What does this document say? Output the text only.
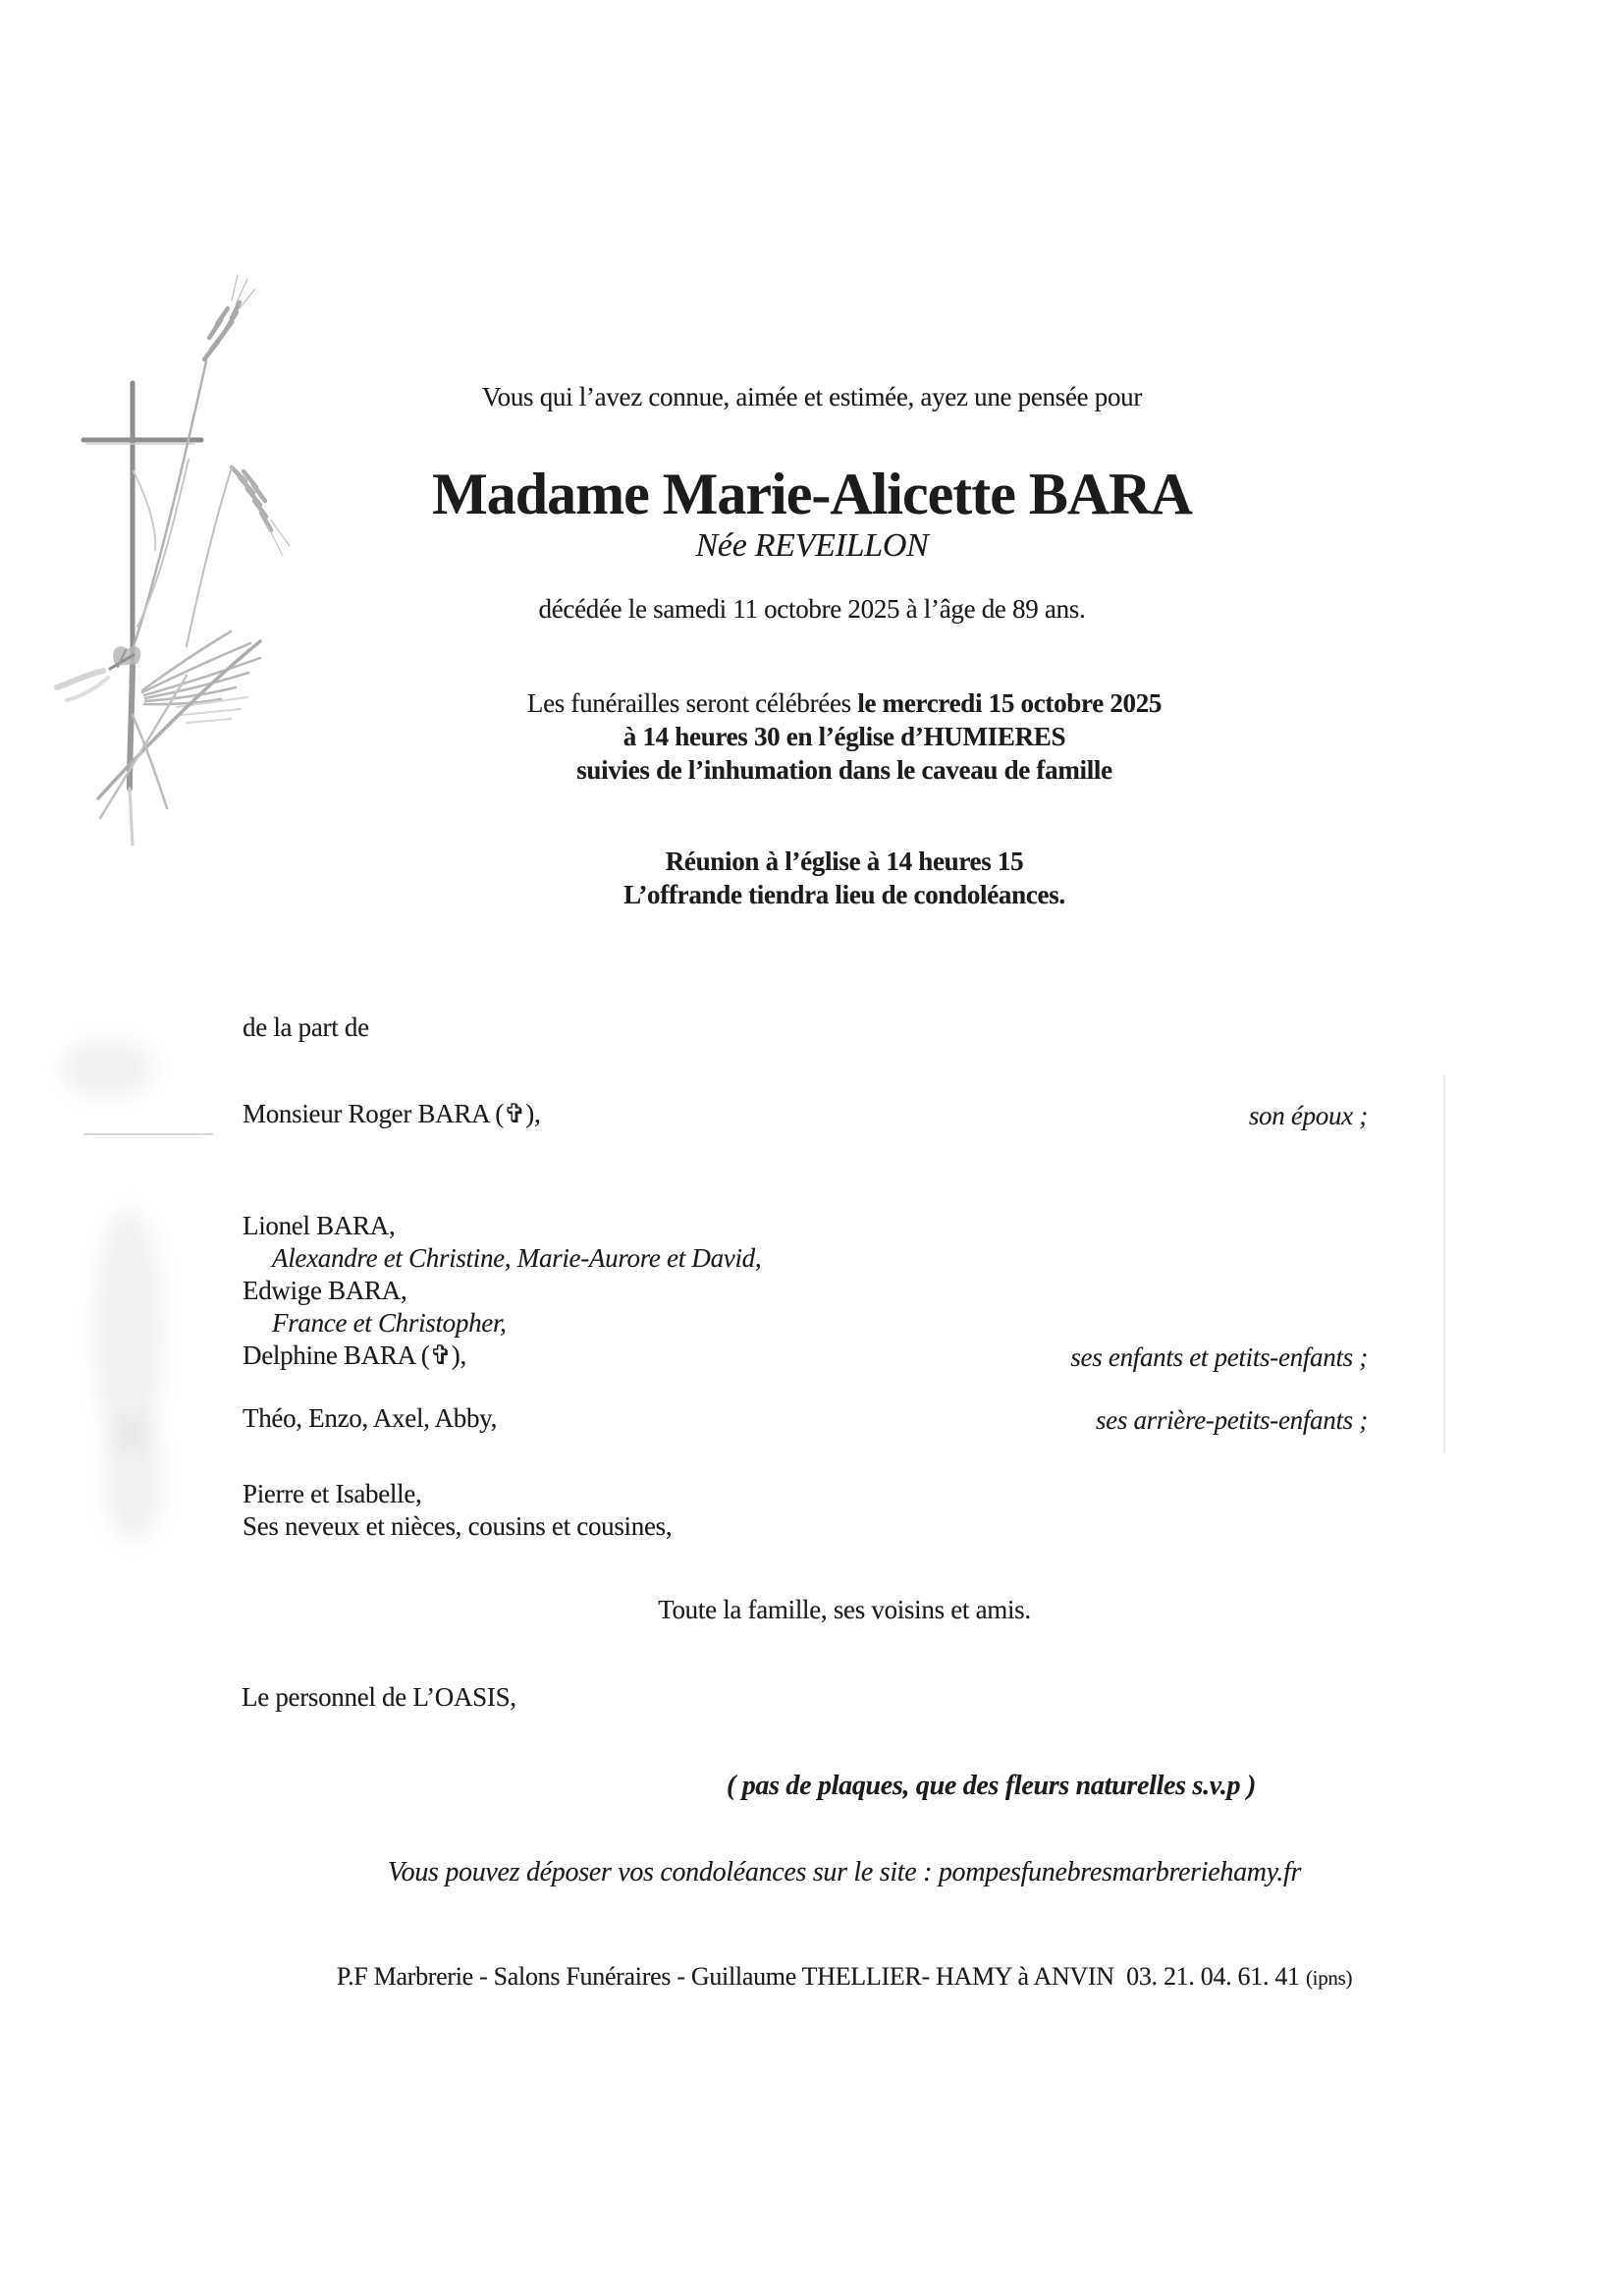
Vous qui l’avez connue, aimée et estimée, ayez une pensée pour
Madame Marie-Alicette BARA
Née REVEILLON
décédée le samedi 11 octobre 2025 à l’âge de 89 ans.
Les funérailles seront célébrées le mercredi 15 octobre 2025
à 14 heures 30 en l’église d’HUMIERES
suivies de l’inhumation dans le caveau de famille
Réunion à l’église à 14 heures 15
L’offrande tiendra lieu de condoléances.
de la part de
Monsieur Roger BARA (✞),	son époux ;
Lionel BARA,
Alexandre et Christine, Marie-Aurore et David,
Edwige BARA,
France et Christopher,
Delphine BARA (✞),	ses enfants et petits-enfants ;
Théo, Enzo, Axel, Abby,	ses arrière-petits-enfants ;
Pierre et Isabelle,
Ses neveux et nièces, cousins et cousines,
Toute la famille, ses voisins et amis.
Le personnel de L’OASIS,
( pas de plaques, que des fleurs naturelles s.v.p )
Vous pouvez déposer vos condoléances sur le site : pompesfunebresmarbreriehamy.fr
P.F Marbrerie - Salons Funéraires - Guillaume THELLIER- HAMY à ANVIN  03. 21. 04. 61. 41 (ipns)
